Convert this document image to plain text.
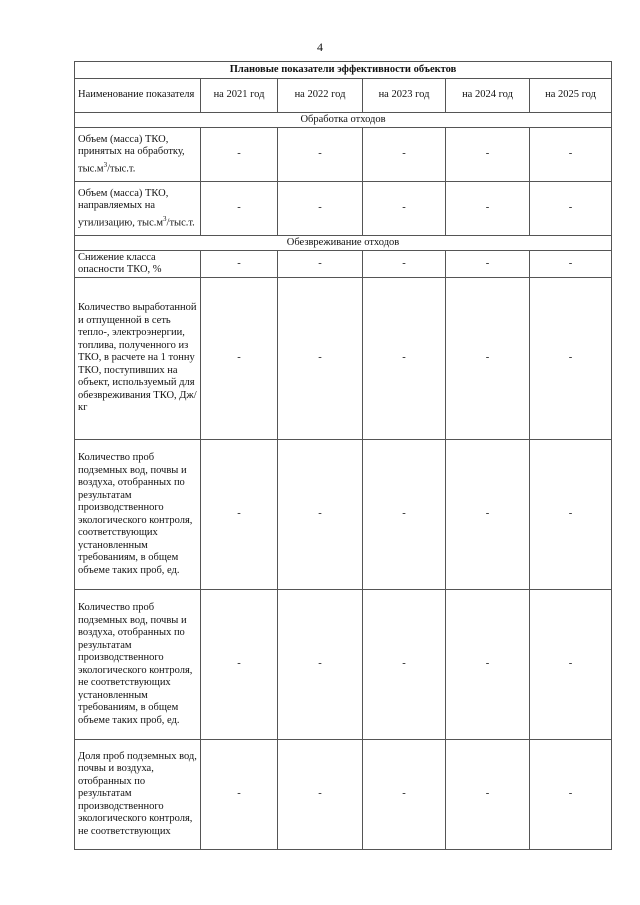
4
Плановые показатели эффективности объектов					
Наименование показателя	на 2021 год	на 2022 год	на 2023 год	на 2024 год	на 2025 год
Обработка отходов					
Объем (масса) ТКО, принятых на обработку, $тыс.м^3/тыс.т$.	-	-	-	-	-
Объем (масса) ТКО, направляемых на утилизацию, $тыс.м^3/тыс.т$.	-	-	-	-	-
Обезвреживание отходов					
Снижение класса опасности ТКО, %	-	-	-	-	-
Количество выработанной и отпущенной в сеть тепло-, электроэнергии, топлива, полученного из ТКО, в расчете на 1 тонну ТКО, поступивших на объект, используемый для обезвреживания ТКО, Дж/кг	-	-	-	-	-
Количество проб подземных вод, почвы и воздуха, отобранных по результатам производственного экологического контроля, соответствующих установленным требованиям, в общем объеме таких проб, ед.	-	-	-	-	-
Количество проб подземных вод, почвы и воздуха, отобранных по результатам производственного экологического контроля, не соответствующих установленным требованиям, в общем объеме таких проб, ед.	-	-	-	-	-
Доля проб подземных вод, почвы и воздуха, отобранных по результатам производственного экологического контроля, не соответствующих	-	-	-	-	-
